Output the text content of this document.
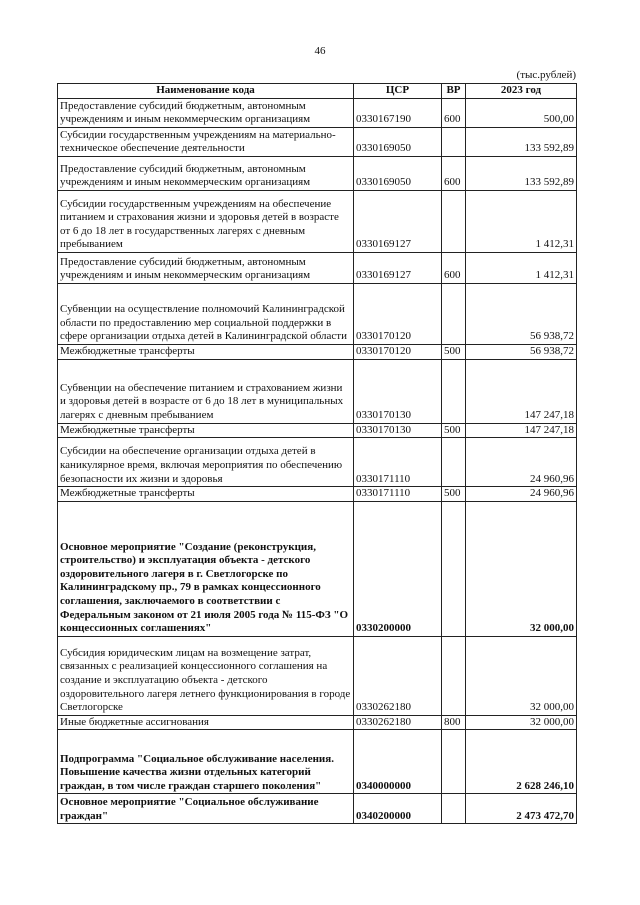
46
(тыс.рублей)
Наименование кода	ЦСР	ВР	2023 год
Предоставление субсидий бюджетным, автономным учреждениям и иным некоммерческим организациям	0330167190	600	500,00
Субсидии государственным учреждениям на материально-техническое обеспечение деятельности	0330169050		133 592,89
Предоставление субсидий бюджетным, автономным учреждениям и иным некоммерческим организациям	0330169050	600	133 592,89
Субсидии государственным учреждениям на обеспечение питанием и страхования жизни и здоровья детей в возрасте от 6 до 18 лет в государственных лагерях с дневным пребыванием	0330169127		1 412,31
Предоставление субсидий бюджетным, автономным учреждениям и иным некоммерческим организациям	0330169127	600	1 412,31
Субвенции на осуществление полномочий Калининградской области по предоставлению мер социальной поддержки в сфере организации отдыха детей в Калининградской области	0330170120		56 938,72
Межбюджетные трансферты	0330170120	500	56 938,72
Субвенции на обеспечение питанием и страхованием жизни и здоровья детей в возрасте от 6 до 18 лет в муниципальных лагерях с дневным пребыванием	0330170130		147 247,18
Межбюджетные трансферты	0330170130	500	147 247,18
Субсидии на обеспечение организации отдыха детей в каникулярное время, включая мероприятия по обеспечению безопасности их жизни и здоровья	0330171110		24 960,96
Межбюджетные трансферты	0330171110	500	24 960,96
Основное мероприятие "Создание (реконструкция, строительство) и эксплуатация объекта - детского оздоровительного лагеря в г. Светлогорске по Калининградскому пр., 79 в рамках концессионного соглашения, заключаемого в соответствии с Федеральным законом от 21 июля 2005 года № 115-ФЗ "О концессионных соглашениях"	0330200000		32 000,00
Субсидия юридическим лицам на возмещение затрат, связанных с реализацией концессионного соглашения на создание и эксплуатацию объекта - детского оздоровительного лагеря летнего функционирования в городе Светлогорске	0330262180		32 000,00
Иные бюджетные ассигнования	0330262180	800	32 000,00
Подпрограмма "Социальное обслуживание населения. Повышение качества жизни отдельных категорий граждан, в том числе граждан старшего поколения"	0340000000		2 628 246,10
Основное мероприятие "Социальное обслуживание граждан"	0340200000		2 473 472,70
